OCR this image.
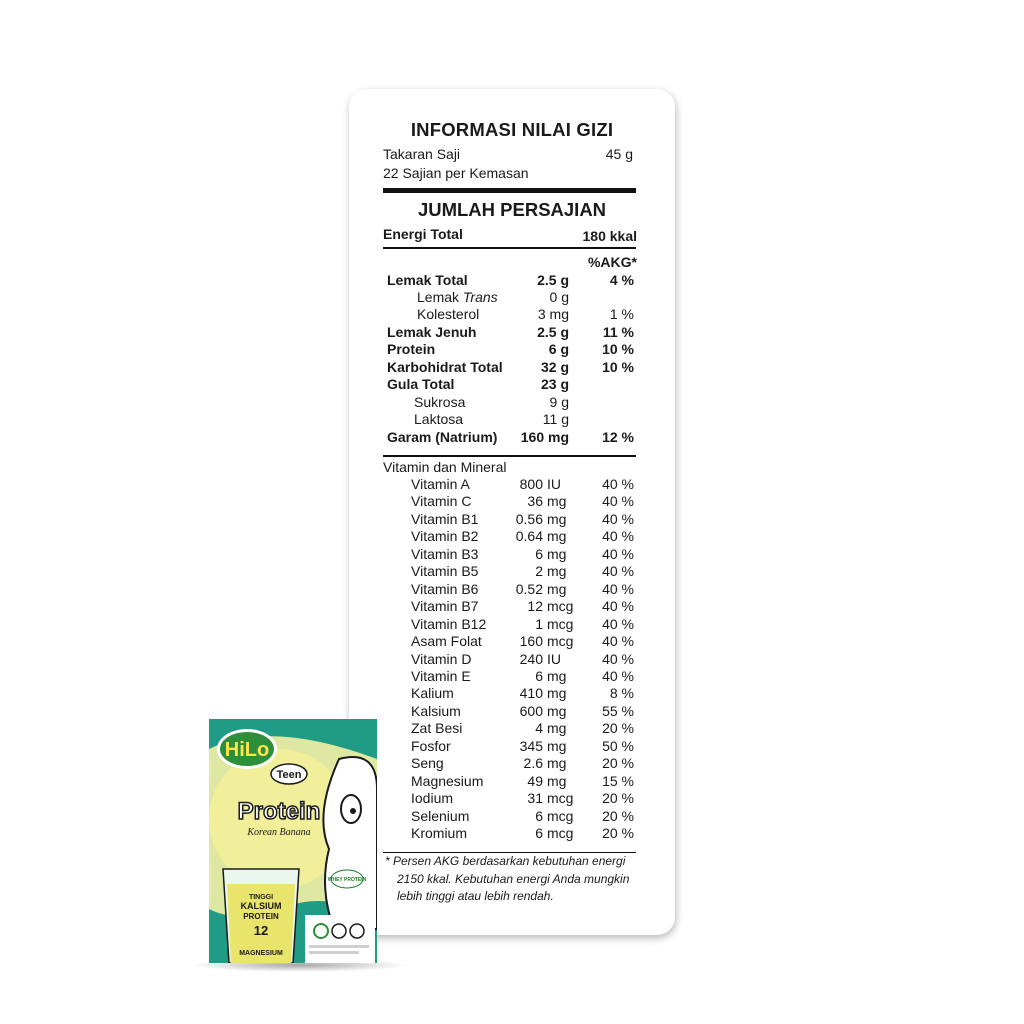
INFORMASI NILAI GIZI
Takaran Saji	45 g
22 Sajian per Kemasan
JUMLAH PERSAJIAN
Energi Total	180 kkal
%AKG*
Lemak Total	2.5 g	4 %
Lemak Trans	0 g
Kolesterol	3 mg	1 %
Lemak Jenuh	2.5 g 11 %
Protein	6 g 10 %
Karbohidrat Total	32 g 10 %
Gula Total	23 g
Sukrosa	9 g
Laktosa	11 g
Garam (Natrium) 160 mg 12 %
Vitamin dan Mineral
Vitamin A	800 IU	40 %
Vitamin C	36 mg	40 %
Vitamin B1	0.56 mg	40 %
Vitamin B2	0.64 mg	40 %
Vitamin B3	6 mg	40 %
Vitamin B5	2 mg	40 %
Vitamin B6	0.52 mg	40 %
Vitamin B7	12 mcg 40 %
Vitamin B12	1 mcg 40 %
Asam Folat	160 mcg 40 %
Vitamin D	240 IU	40 %
Vitamin E	6 mg	40 %
Kalium	410 mg	8 %
Kalsium	600 mg	55 %
Zat Besi	4 mg	20 %
Fosfor	345 mg	50 %
Seng	2.6 mg	20 %
Magnesium	49 mg	15 %
Iodium	31 mcg 20 %
Selenium	6 mcg 20 %
Kromium	6 mcg 20 %
* Persen AKG berdasarkan kebutuhan energi
2150 kkal. Kebutuhan energi Anda mungkin
lebih tinggi atau lebih rendah.
HiLo
Teen
Protein
Korean Banana
TINGGI
KALSIUM
PROTEIN
12
MAGNESIUM
WHEY PROTEIN
